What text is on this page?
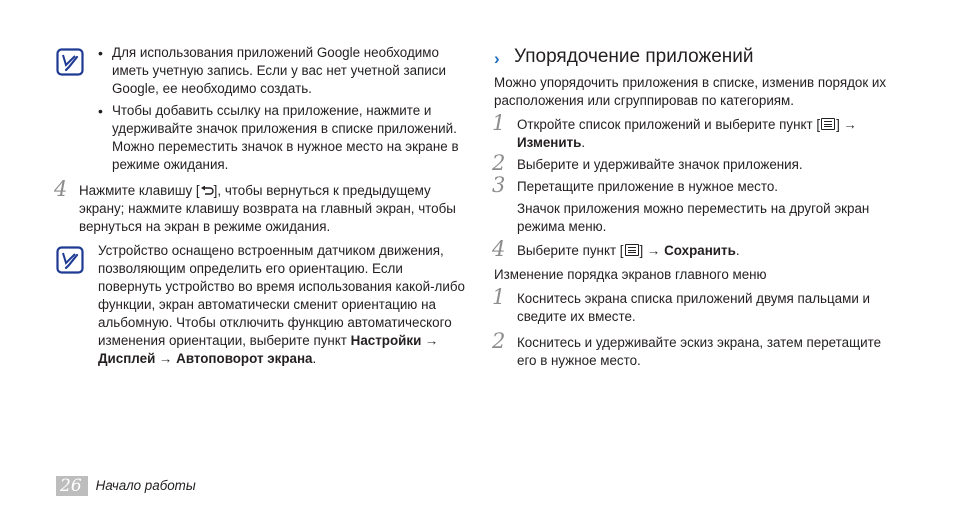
• Для использования приложений Google необходимо иметь учетную запись. Если у вас нет учетной записи Google, ее необходимо создать.
• Чтобы добавить ссылку на приложение, нажмите и удерживайте значок приложения в списке приложений. Можно переместить значок в нужное место на экране в режиме ожидания.
4 Нажмите клавишу [ ], чтобы вернуться к предыдущему экрану; нажмите клавишу возврата на главный экран, чтобы вернуться на экран в режиме ожидания.
Устройство оснащено встроенным датчиком движения, позволяющим определить его ориентацию. Если повернуть устройство во время использования какой-либо функции, экран автоматически сменит ориентацию на альбомную. Чтобы отключить функцию автоматического изменения ориентации, выберите пункт Настройки → Дисплей → Автоповорот экрана.
› Упорядочение приложений
Можно упорядочить приложения в списке, изменив порядок их расположения или сгруппировав по категориям.
1 Откройте список приложений и выберите пункт [ ] → Изменить.
2 Выберите и удерживайте значок приложения.
3 Перетащите приложение в нужное место.
Значок приложения можно переместить на другой экран режима меню.
4 Выберите пункт [ ] → Сохранить.
Изменение порядка экранов главного меню
1 Коснитесь экрана списка приложений двумя пальцами и сведите их вместе.
2 Коснитесь и удерживайте эскиз экрана, затем перетащите его в нужное место.
26 Начало работы
